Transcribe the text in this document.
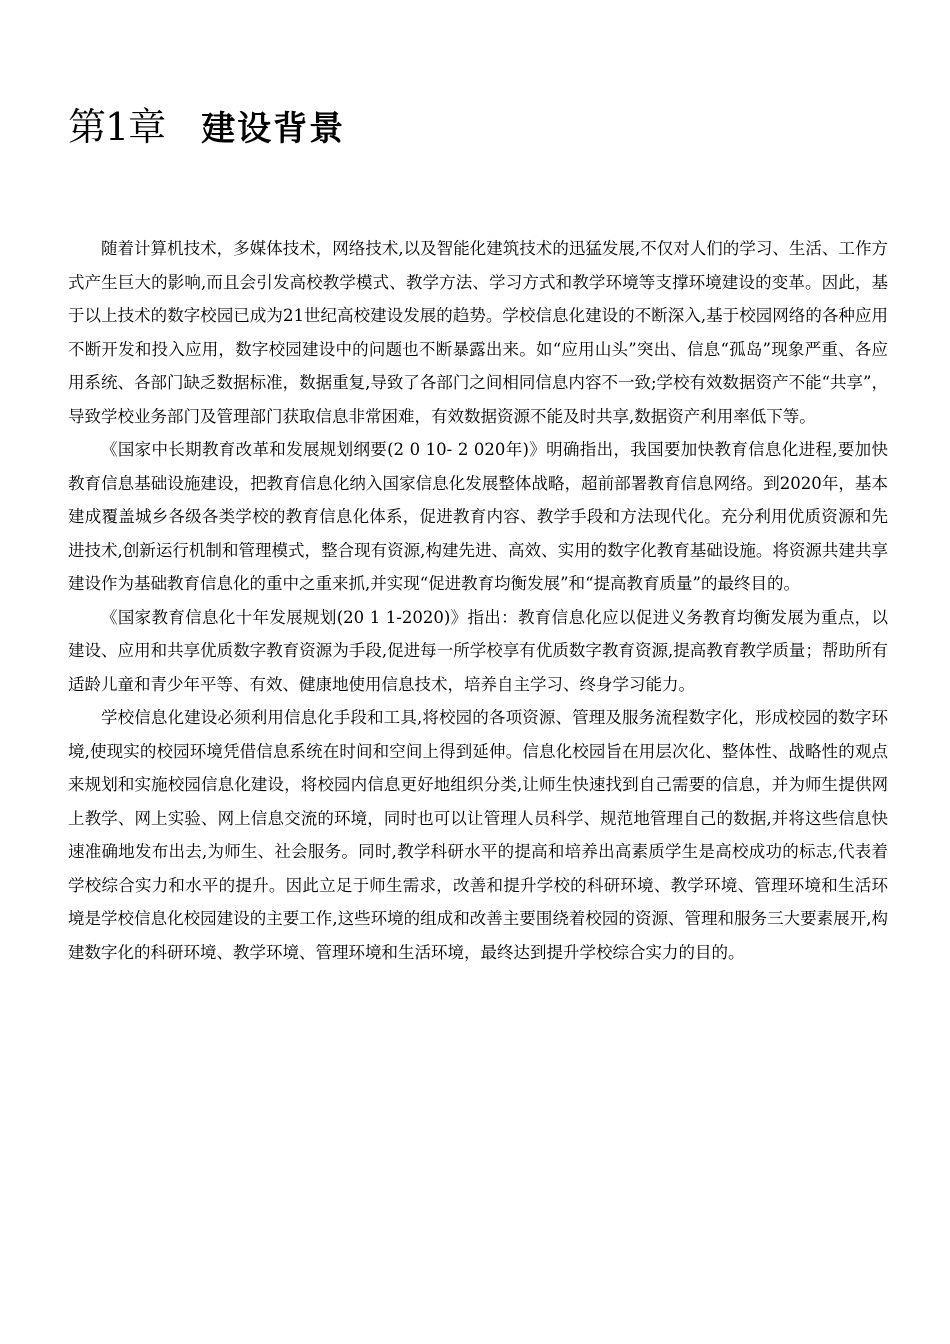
第1章 建设背景

随着计算机技术，多媒体技术，网络技术,以及智能化建筑技术的迅猛发展,不仅对人们的学习、生活、工作方式产生巨大的影响,而且会引发高校教学模式、教学方法、学习方式和教学环境等支撑环境建设的变革。因此，基于以上技术的数字校园已成为21世纪高校建设发展的趋势。学校信息化建设的不断深入,基于校园网络的各种应用不断开发和投入应用，数字校园建设中的问题也不断暴露出来。如“应用山头”突出、信息“孤岛”现象严重、各应用系统、各部门缺乏数据标准，数据重复,导致了各部门之间相同信息内容不一致;学校有效数据资产不能“共享”，导致学校业务部门及管理部门获取信息非常困难，有效数据资源不能及时共享,数据资产利用率低下等。

《国家中长期教育改革和发展规划纲要(2 0 10- 2 020年)》明确指出，我国要加快教育信息化进程,要加快教育信息基础设施建设，把教育信息化纳入国家信息化发展整体战略，超前部署教育信息网络。到2020年，基本建成覆盖城乡各级各类学校的教育信息化体系，促进教育内容、教学手段和方法现代化。充分利用优质资源和先进技术,创新运行机制和管理模式，整合现有资源,构建先进、高效、实用的数字化教育基础设施。将资源共建共享建设作为基础教育信息化的重中之重来抓,并实现“促进教育均衡发展”和“提高教育质量”的最终目的。

《国家教育信息化十年发展规划(20 1 1-2020)》指出：教育信息化应以促进义务教育均衡发展为重点，以建设、应用和共享优质数字教育资源为手段,促进每一所学校享有优质数字教育资源,提高教育教学质量；帮助所有适龄儿童和青少年平等、有效、健康地使用信息技术，培养自主学习、终身学习能力。

学校信息化建设必须利用信息化手段和工具,将校园的各项资源、管理及服务流程数字化，形成校园的数字环境,使现实的校园环境凭借信息系统在时间和空间上得到延伸。信息化校园旨在用层次化、整体性、战略性的观点来规划和实施校园信息化建设，将校园内信息更好地组织分类,让师生快速找到自己需要的信息，并为师生提供网上教学、网上实验、网上信息交流的环境，同时也可以让管理人员科学、规范地管理自己的数据,并将这些信息快速准确地发布出去,为师生、社会服务。同时,教学科研水平的提高和培养出高素质学生是高校成功的标志,代表着学校综合实力和水平的提升。因此立足于师生需求，改善和提升学校的科研环境、教学环境、管理环境和生活环境是学校信息化校园建设的主要工作,这些环境的组成和改善主要围绕着校园的资源、管理和服务三大要素展开,构建数字化的科研环境、教学环境、管理环境和生活环境，最终达到提升学校综合实力的目的。
